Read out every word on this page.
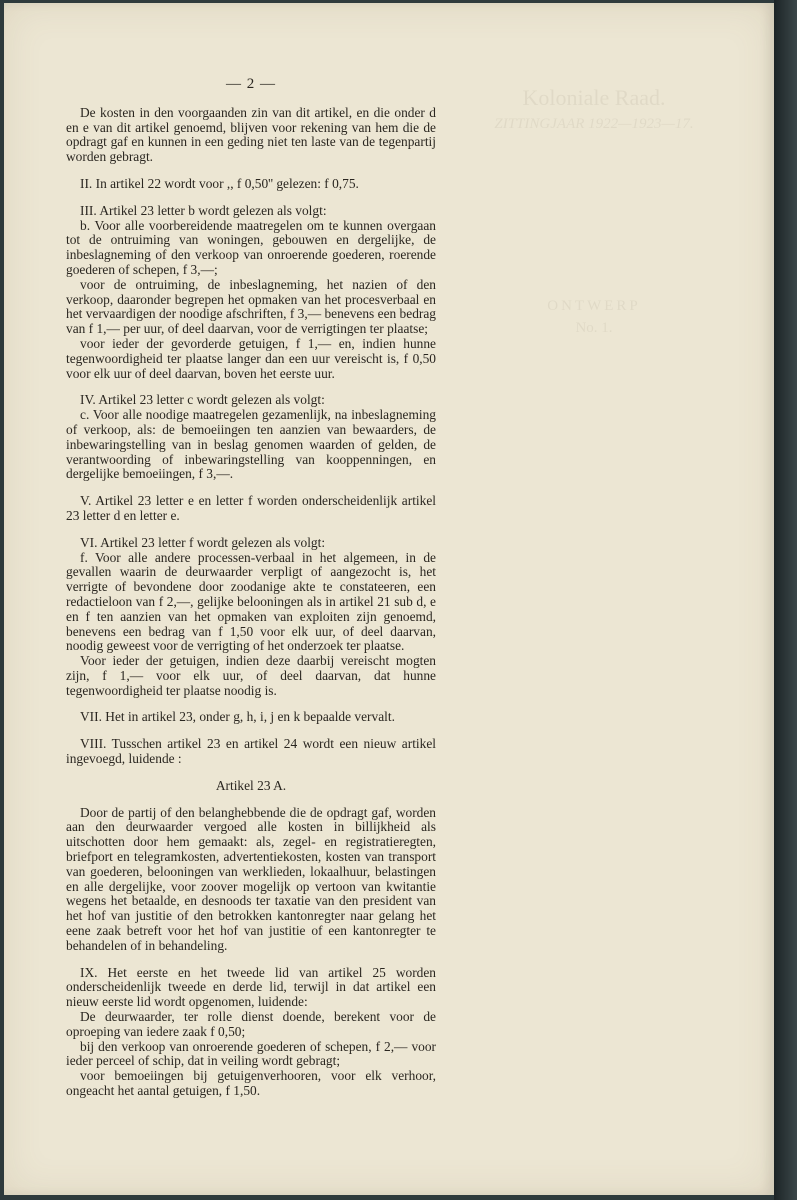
Koloniale Raad.
ZITTINGJAAR 1922—1923—17.
ONTWERP
No. 1.
— 2 —

De kosten in den voorgaanden zin van dit artikel, en die onder d en e van dit artikel genoemd, blijven voor rekening van hem die de opdragt gaf en kunnen in een geding niet ten laste van de tegenpartij worden gebragt.

II. In artikel 22 wordt voor ,, f 0,50'' gelezen: f 0,75.

III. Artikel 23 letter b wordt gelezen als volgt:

b. Voor alle voorbereidende maatregelen om te kunnen overgaan tot de ontruiming van woningen, gebouwen en dergelijke, de inbeslagneming of den verkoop van onroerende goederen, roerende goederen of schepen, f 3,—;

voor de ontruiming, de inbeslagneming, het nazien of den verkoop, daaronder begrepen het opmaken van het procesverbaal en het vervaardigen der noodige afschriften, f 3,— benevens een bedrag van f 1,— per uur, of deel daarvan, voor de verrigtingen ter plaatse;

voor ieder der gevorderde getuigen, f 1,— en, indien hunne tegenwoordigheid ter plaatse langer dan een uur vereischt is, f 0,50 voor elk uur of deel daarvan, boven het eerste uur.

IV. Artikel 23 letter c wordt gelezen als volgt:

c. Voor alle noodige maatregelen gezamenlijk, na inbeslagneming of verkoop, als: de bemoeiingen ten aanzien van bewaarders, de inbewaringstelling van in beslag genomen waarden of gelden, de verantwoording of inbewaringstelling van kooppenningen, en dergelijke bemoeiingen, f 3,—.

V. Artikel 23 letter e en letter f worden onderscheidenlijk artikel 23 letter d en letter e.

VI. Artikel 23 letter f wordt gelezen als volgt:

f. Voor alle andere processen-verbaal in het algemeen, in de gevallen waarin de deurwaarder verpligt of aangezocht is, het verrigte of bevondene door zoodanige akte te constateeren, een redactieloon van f 2,—, gelijke belooningen als in artikel 21 sub d, e en f ten aanzien van het opmaken van exploiten zijn genoemd, benevens een bedrag van f 1,50 voor elk uur, of deel daarvan, noodig geweest voor de verrigting of het onderzoek ter plaatse.

Voor ieder der getuigen, indien deze daarbij vereischt mogten zijn, f 1,— voor elk uur, of deel daarvan, dat hunne tegenwoordigheid ter plaatse noodig is.

VII. Het in artikel 23, onder g, h, i, j en k bepaalde vervalt.

VIII. Tusschen artikel 23 en artikel 24 wordt een nieuw artikel ingevoegd, luidende :

Artikel 23 A.

Door de partij of den belanghebbende die de opdragt gaf, worden aan den deurwaarder vergoed alle kosten in billijkheid als uitschotten door hem gemaakt: als, zegel- en registratieregten, briefport en telegramkosten, advertentiekosten, kosten van transport van goederen, belooningen van werklieden, lokaalhuur, belastingen en alle dergelijke, voor zoover mogelijk op vertoon van kwitantie wegens het betaalde, en desnoods ter taxatie van den president van het hof van justitie of den betrokken kantonregter naar gelang het eene zaak betreft voor het hof van justitie of een kantonregter te behandelen of in behandeling.

IX. Het eerste en het tweede lid van artikel 25 worden onderscheidenlijk tweede en derde lid, terwijl in dat artikel een nieuw eerste lid wordt opgenomen, luidende:

De deurwaarder, ter rolle dienst doende, berekent voor de oproeping van iedere zaak f 0,50;

bij den verkoop van onroerende goederen of schepen, f 2,— voor ieder perceel of schip, dat in veiling wordt gebragt;

voor bemoeiingen bij getuigenverhooren, voor elk verhoor, ongeacht het aantal getuigen, f 1,50.
